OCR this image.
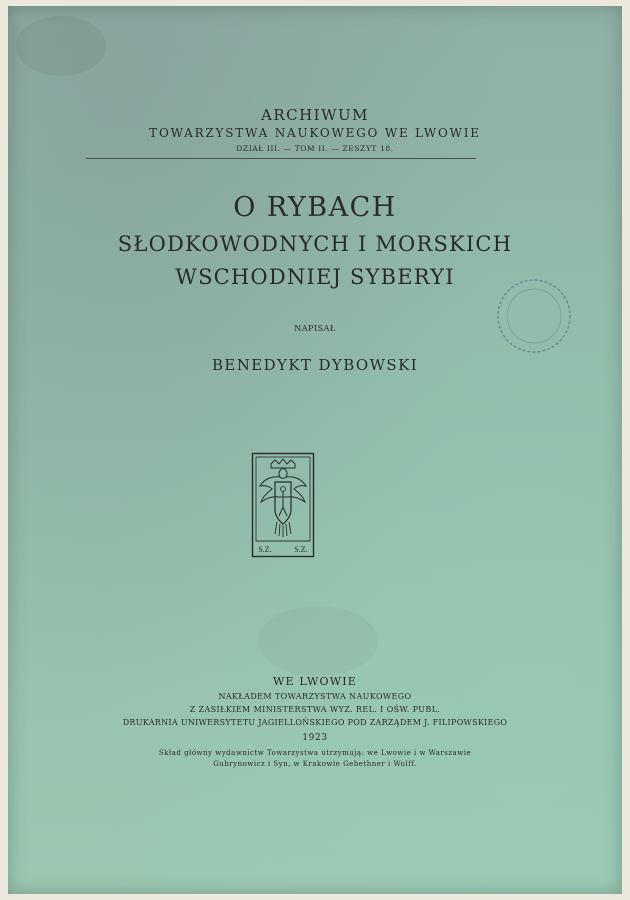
ARCHIWUM
TOWARZYSTWA NAUKOWEGO WE LWOWIE
DZIAŁ III. — TOM II. — ZESZYT 18.
O RYBACH
SŁODKOWODNYCH I MORSKICH
WSCHODNIEJ SYBERYI
NAPISAŁ
BENEDYKT DYBOWSKI
S.Z.	S.Z.
WE LWOWIE
NAKŁADEM TOWARZYSTWA NAUKOWEGO
Z ZASIŁKIEM MINISTERSTWA WYZ. REL. I OŚW. PUBL.
DRUKARNIA UNIWERSYTETU JAGIELLOŃSKIEGO POD ZARZĄDEM J. FILIPOWSKIEGO
1923
Skład główny wydawnictw Towarzystwa utrzymują: we Lwowie i w Warszawie
Gubrynowicz i Syn, w Krakowie Gebethner i Wolff.
